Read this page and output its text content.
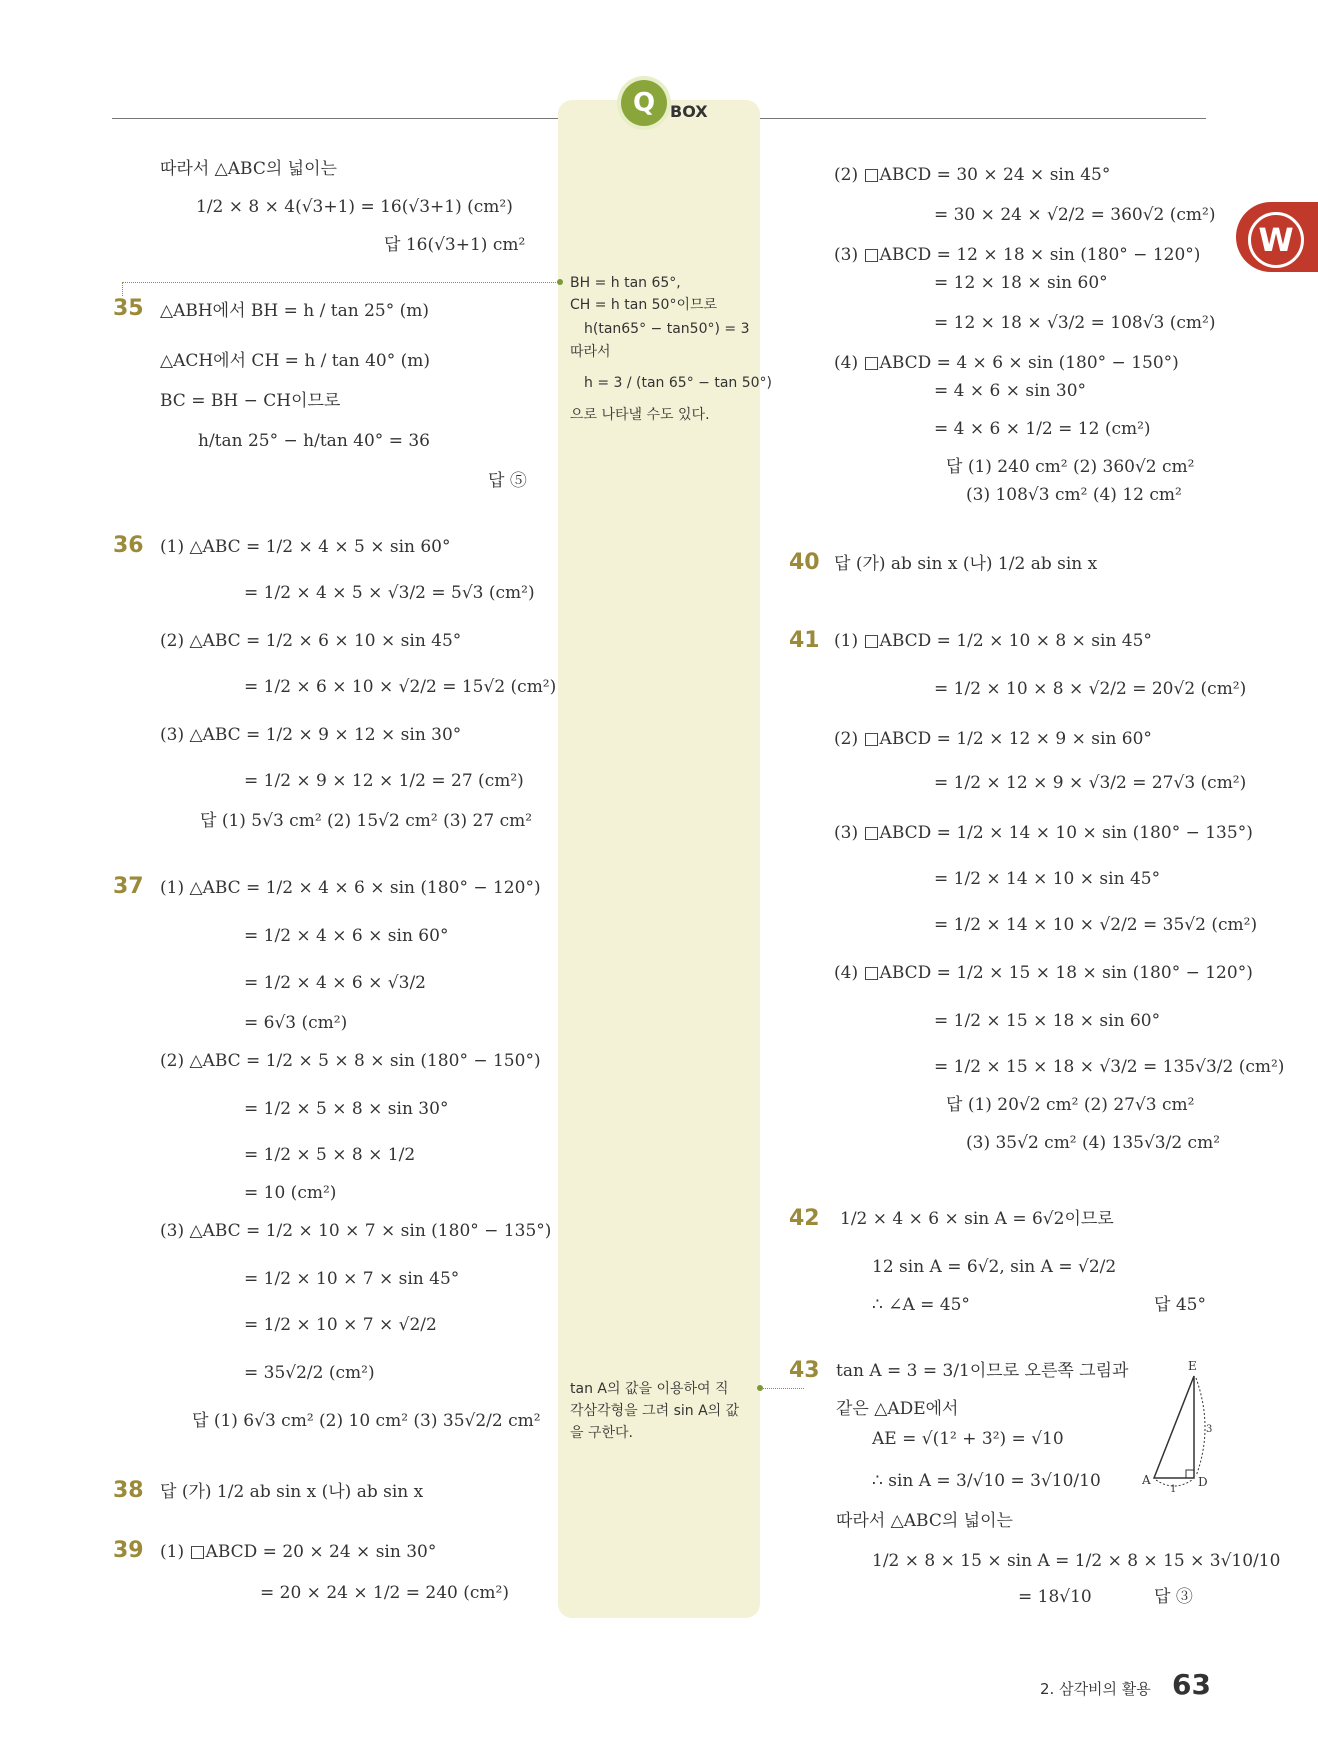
Q BOX
W
따라서 △ABC의 넓이는
1/2 × 8 × 4(√3+1) = 16(√3+1) (cm²)
답 16(√3+1) cm²
35 △ABH에서 BH = h / tan 25° (m)
△ACH에서 CH = h / tan 40° (m)
BC = BH − CH이므로
h/tan 25° − h/tan 40° = 36
답 ⑤
36 (1) △ABC = 1/2 × 4 × 5 × sin 60°
= 1/2 × 4 × 5 × √3/2 = 5√3 (cm²)
(2) △ABC = 1/2 × 6 × 10 × sin 45°
= 1/2 × 6 × 10 × √2/2 = 15√2 (cm²)
(3) △ABC = 1/2 × 9 × 12 × sin 30°
= 1/2 × 9 × 12 × 1/2 = 27 (cm²)
답 (1) 5√3 cm² (2) 15√2 cm² (3) 27 cm²
37 (1) △ABC = 1/2 × 4 × 6 × sin (180° − 120°)
= 1/2 × 4 × 6 × sin 60°
= 1/2 × 4 × 6 × √3/2
= 6√3 (cm²)
(2) △ABC = 1/2 × 5 × 8 × sin (180° − 150°)
= 1/2 × 5 × 8 × sin 30°
= 1/2 × 5 × 8 × 1/2
= 10 (cm²)
(3) △ABC = 1/2 × 10 × 7 × sin (180° − 135°)
= 1/2 × 10 × 7 × sin 45°
= 1/2 × 10 × 7 × √2/2
= 35√2/2 (cm²)
답 (1) 6√3 cm² (2) 10 cm² (3) 35√2/2 cm²
38 답 (가) 1/2 ab sin x (나) ab sin x
39 (1) □ABCD = 20 × 24 × sin 30°
= 20 × 24 × 1/2 = 240 (cm²)
BH = h tan 65°,
CH = h tan 50°이므로
h(tan65° − tan50°) = 3
따라서
h = 3 / (tan 65° − tan 50°)
으로 나타낼 수도 있다.
tan A의 값을 이용하여 직
각삼각형을 그려 sin A의 값
을 구한다.
(2) □ABCD = 30 × 24 × sin 45°
= 30 × 24 × √2/2 = 360√2 (cm²)
(3) □ABCD = 12 × 18 × sin (180° − 120°)
= 12 × 18 × sin 60°
= 12 × 18 × √3/2 = 108√3 (cm²)
(4) □ABCD = 4 × 6 × sin (180° − 150°)
= 4 × 6 × sin 30°
= 4 × 6 × 1/2 = 12 (cm²)
답 (1) 240 cm² (2) 360√2 cm²
(3) 108√3 cm² (4) 12 cm²
40 답 (가) ab sin x (나) 1/2 ab sin x
41 (1) □ABCD = 1/2 × 10 × 8 × sin 45°
= 1/2 × 10 × 8 × √2/2 = 20√2 (cm²)
(2) □ABCD = 1/2 × 12 × 9 × sin 60°
= 1/2 × 12 × 9 × √3/2 = 27√3 (cm²)
(3) □ABCD = 1/2 × 14 × 10 × sin (180° − 135°)
= 1/2 × 14 × 10 × sin 45°
= 1/2 × 14 × 10 × √2/2 = 35√2 (cm²)
(4) □ABCD = 1/2 × 15 × 18 × sin (180° − 120°)
= 1/2 × 15 × 18 × sin 60°
= 1/2 × 15 × 18 × √3/2 = 135√3/2 (cm²)
답 (1) 20√2 cm² (2) 27√3 cm²
(3) 35√2 cm² (4) 135√3/2 cm²
42 1/2 × 4 × 6 × sin A = 6√2이므로
12 sin A = 6√2, sin A = √2/2
∴ ∠A = 45°	답 45°
43 tan A = 3 = 3/1이므로 오른쪽 그림과
같은 △ADE에서
AE = √(1² + 3²) = √10
∴ sin A = 3/√10 = 3√10/10
따라서 △ABC의 넓이는
1/2 × 8 × 15 × sin A = 1/2 × 8 × 15 × 3√10/10
= 18√10	답 ③
E
A	D
1
3
2. 삼각비의 활용 63
